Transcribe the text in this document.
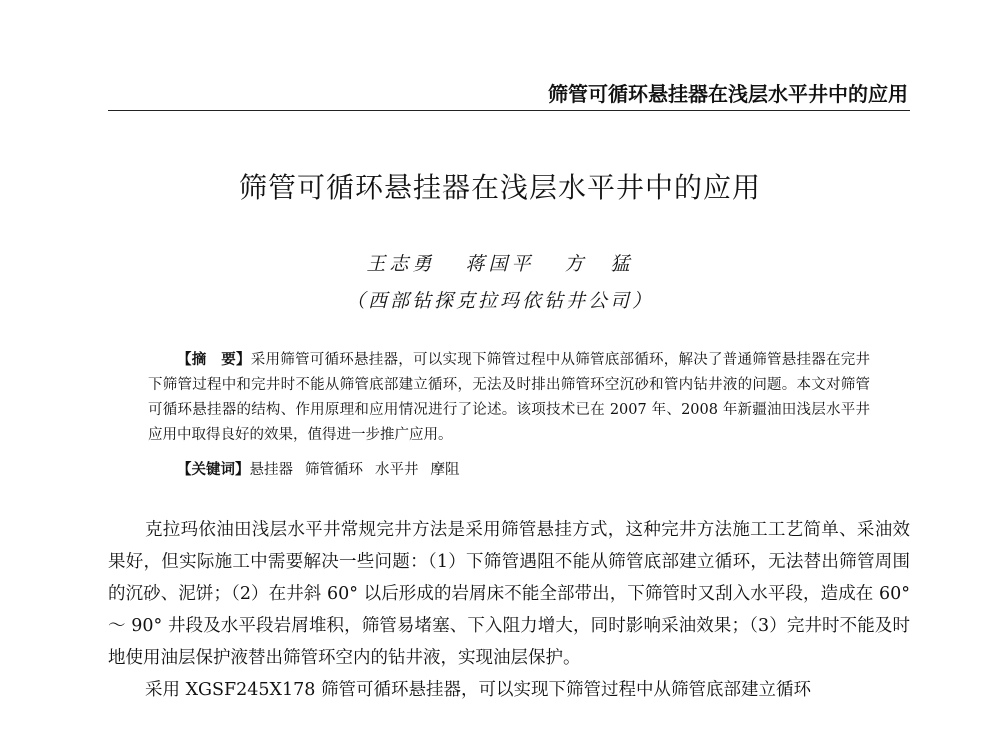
筛管可循环悬挂器在浅层水平井中的应用
筛管可循环悬挂器在浅层水平井中的应用
王志勇 蒋国平 方　猛
（西部钻探克拉玛依钻井公司）
【摘　要】采用筛管可循环悬挂器，可以实现下筛管过程中从筛管底部循环，解决了普通筛管悬挂器在完井下筛管过程中和完井时不能从筛管底部建立循环，无法及时排出筛管环空沉砂和管内钻井液的问题。本文对筛管可循环悬挂器的结构、作用原理和应用情况进行了论述。该项技术已在 2007 年、2008 年新疆油田浅层水平井应用中取得良好的效果，值得进一步推广应用。
【关键词】悬挂器 筛管循环 水平井 摩阻

克拉玛依油田浅层水平井常规完井方法是采用筛管悬挂方式，这种完井方法施工工艺简单、采油效果好，但实际施工中需要解决一些问题：（1）下筛管遇阻不能从筛管底部建立循环，无法替出筛管周围的沉砂、泥饼；（2）在井斜 60° 以后形成的岩屑床不能全部带出，下筛管时又刮入水平段，造成在 60° ～ 90° 井段及水平段岩屑堆积，筛管易堵塞、下入阻力增大，同时影响采油效果；（3）完井时不能及时地使用油层保护液替出筛管环空内的钻井液，实现油层保护。

采用 XGSF245X178 筛管可循环悬挂器，可以实现下筛管过程中从筛管底部建立循环
